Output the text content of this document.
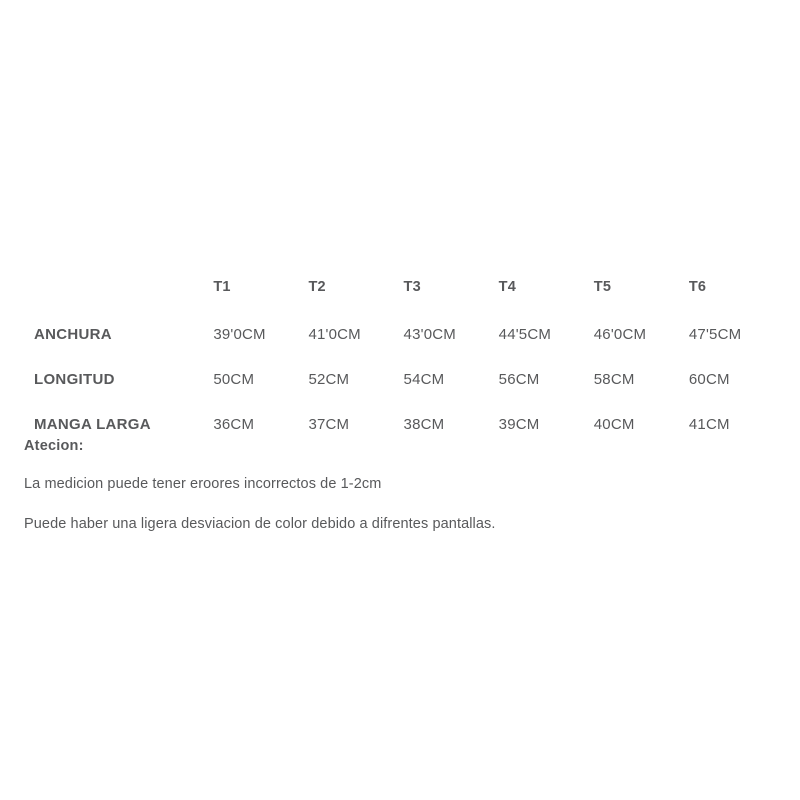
	T1	T2	T3	T4	T5	T6
ANCHURA	39'0CM	41'0CM	43'0CM	44'5CM	46'0CM	47'5CM
LONGITUD	50CM	52CM	54CM	56CM	58CM	60CM
MANGA LARGA	36CM	37CM	38CM	39CM	40CM	41CM

Atecion:

La medicion puede tener eroores incorrectos de 1-2cm

Puede haber una ligera desviacion de color debido a difrentes pantallas.
